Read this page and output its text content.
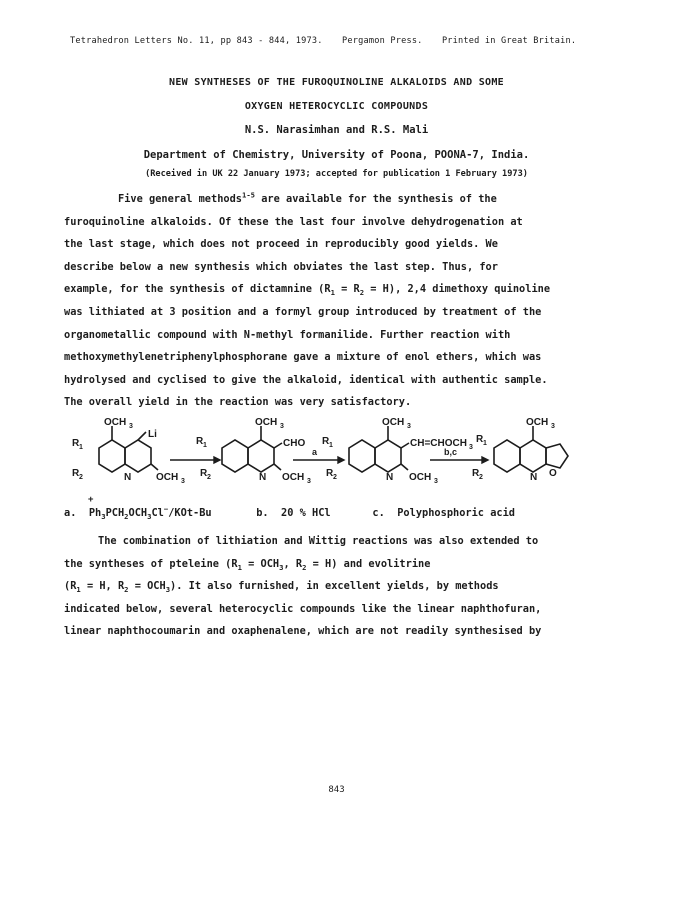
Tetrahedron Letters No. 11, pp 843 - 844, 1973. Pergamon Press. Printed in Great Britain.
NEW SYNTHESES OF THE FUROQUINOLINE ALKALOIDS AND SOME
OXYGEN HETEROCYCLIC COMPOUNDS
N.S. Narasimhan and R.S. Mali
Department of Chemistry, University of Poona, POONA-7, India.
(Received in UK 22 January 1973; accepted for publication 1 February 1973)
Five general methods$^{1-5}$ are available for the synthesis of the
furoquinoline alkaloids. Of these the last four involve dehydrogenation at
the last stage, which does not proceed in reproducibly good yields. We
describe below a new synthesis which obviates the last step. Thus, for
example, for the synthesis of dictamnine $(R_1 = R_2 = H)$, 2,4 dimethoxy quinoline
was lithiated at 3 position and a formyl group introduced by treatment of the
organometallic compound with N-methyl formanilide. Further reaction with
methoxymethylenetriphenylphosphorane gave a mixture of enol ethers, which was
hydrolysed and cyclised to give the alkaloid, identical with authentic sample.
The overall yield in the reaction was very satisfactory.
OCH 3
R 1
R 2
Li
N OCH 3
OCH 3
R 1
R 2
CHO
N OCH 3
a
OCH 3
R 1
R 2
CH=CHOCH 3
N OCH 3
b,c
OCH 3
R 1
R 2	N O
+
a. $Ph_3PCH_2OCH_3Cl^-/KOt-Bu$	b. 20 % HCl	c. Polyphosphoric acid
The combination of lithiation and Wittig reactions was also extended to
the syntheses of pteleine ($R_1 = OCH_3$, $R_2 = H$) and evolitrine
($R_1 = H$, $R_2 = OCH_3$). It also furnished, in excellent yields, by methods
indicated below, several heterocyclic compounds like the linear naphthofuran,
linear naphthocoumarin and oxaphenalene, which are not readily synthesised by
843
